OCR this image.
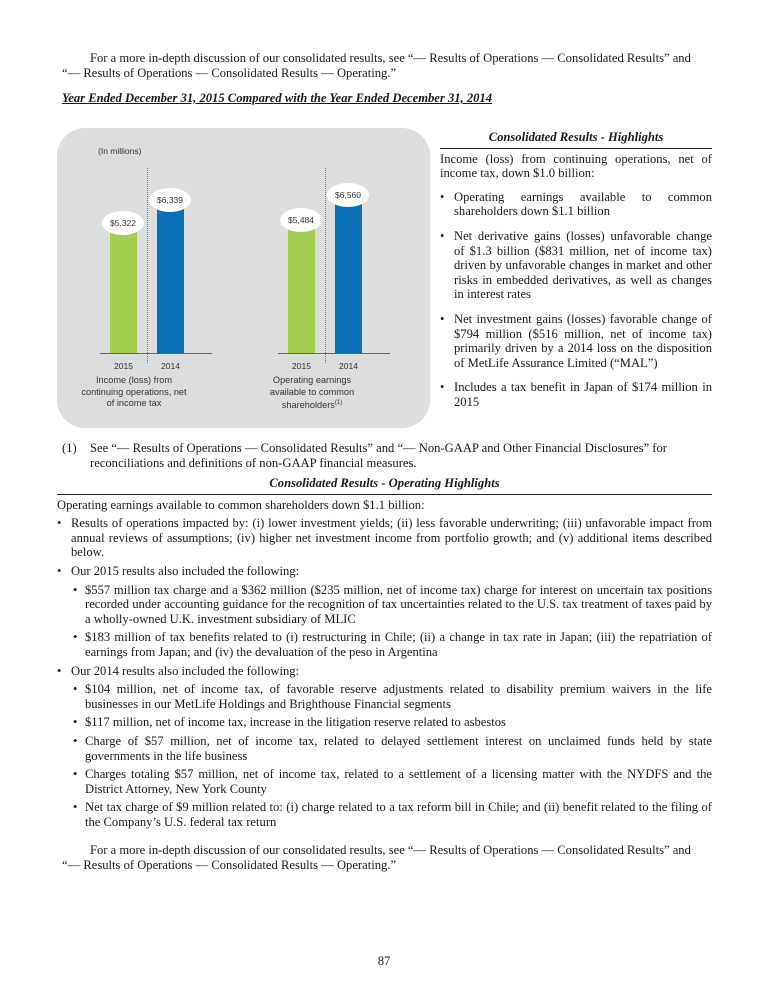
For a more in-depth discussion of our consolidated results, see “— Results of Operations — Consolidated Results” and
“— Results of Operations — Consolidated Results — Operating.”
Year Ended December 31, 2015 Compared with the Year Ended December 31, 2014
(In millions)
$5,322
2015
$6,339
2014
Income (loss) from continuing operations, net of income tax
$5,484
2015
$6,560
2014
Operating earnings available to common shareholders$^{(1)}$
Consolidated Results - Highlights
Income (loss) from continuing operations, net of income tax, down $1.0 billion:
• Operating earnings available to common shareholders down $1.1 billion
• Net derivative gains (losses) unfavorable change of $1.3 billion ($831 million, net of income tax) driven by unfavorable changes in market and other risks in embedded derivatives, as well as changes in interest rates
• Net investment gains (losses) favorable change of $794 million ($516 million, net of income tax) primarily driven by a 2014 loss on the disposition of MetLife Assurance Limited (“MAL”)
• Includes a tax benefit in Japan of $174 million in 2015
(1) See “— Results of Operations — Consolidated Results” and “— Non-GAAP and Other Financial Disclosures” for reconciliations and definitions of non-GAAP financial measures.
Consolidated Results - Operating Highlights
Operating earnings available to common shareholders down $1.1 billion:
• Results of operations impacted by: (i) lower investment yields; (ii) less favorable underwriting; (iii) unfavorable impact from annual reviews of assumptions; (iv) higher net investment income from portfolio growth; and (v) additional items described below.
• Our 2015 results also included the following:
• $557 million tax charge and a $362 million ($235 million, net of income tax) charge for interest on uncertain tax positions recorded under accounting guidance for the recognition of tax uncertainties related to the U.S. tax treatment of taxes paid by a wholly-owned U.K. investment subsidiary of MLIC
• $183 million of tax benefits related to (i) restructuring in Chile; (ii) a change in tax rate in Japan; (iii) the repatriation of earnings from Japan; and (iv) the devaluation of the peso in Argentina
• Our 2014 results also included the following:
• $104 million, net of income tax, of favorable reserve adjustments related to disability premium waivers in the life businesses in our MetLife Holdings and Brighthouse Financial segments
• $117 million, net of income tax, increase in the litigation reserve related to asbestos
• Charge of $57 million, net of income tax, related to delayed settlement interest on unclaimed funds held by state governments in the life business
• Charges totaling $57 million, net of income tax, related to a settlement of a licensing matter with the NYDFS and the District Attorney, New York County
• Net tax charge of $9 million related to: (i) charge related to a tax reform bill in Chile; and (ii) benefit related to the filing of the Company’s U.S. federal tax return
For a more in-depth discussion of our consolidated results, see “— Results of Operations — Consolidated Results” and
“— Results of Operations — Consolidated Results — Operating.”
87
